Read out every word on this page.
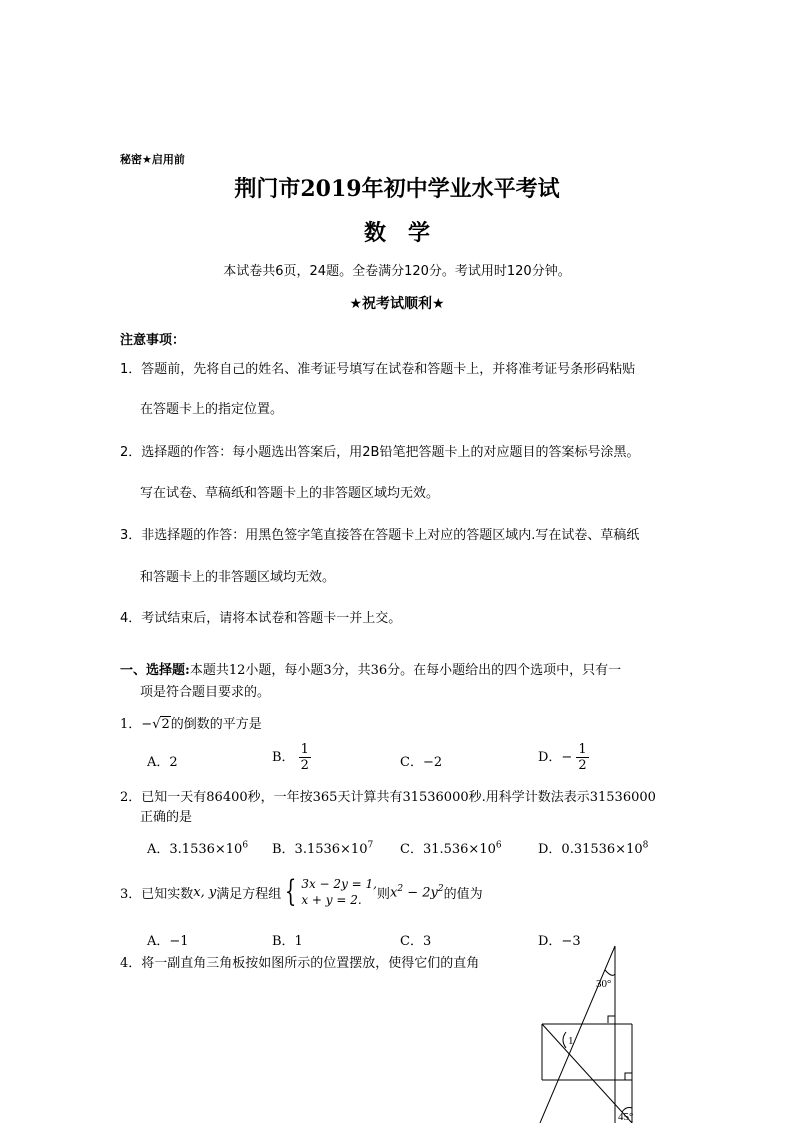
秘密★启用前
荆门市2019年初中学业水平考试
数　学
本试卷共6页，24题。全卷满分120分。考试用时120分钟。
★祝考试顺利★
注意事项：
1．答题前，先将自己的姓名、准考证号填写在试卷和答题卡上，并将准考证号条形码粘贴
在答题卡上的指定位置。
2．选择题的作答：每小题选出答案后，用2B铅笔把答题卡上的对应题目的答案标号涂黑。
写在试卷、草稿纸和答题卡上的非答题区域均无效。
3．非选择题的作答：用黑色签字笔直接答在答题卡上对应的答题区域内.写在试卷、草稿纸
和答题卡上的非答题区域均无效。
4．考试结束后，请将本试卷和答题卡一并上交。
一、选择题:本题共12小题，每小题3分，共36分。在每小题给出的四个选项中，只有一
项是符合题目要求的。
1．−√2的倒数的平方是
A．2	B． $\frac{1}{2}$	C．−2	D．− $\frac{1}{2}$
2．已知一天有86400秒，一年按365天计算共有31536000秒.用科学计数法表示31536000
正确的是
A．$3.1536\times 10^6$ B．$3.1536\times 10^7$ C．$31.536\times 10^6$	D．$0.31536\times 10^8$
3．已知实数 x, y 满足方程组 { 3x − 2y = 1,
x + y = 2.	则 $x^2 - 2y^2$ 的值为
A．−1	B．1	C．3	D．−3
4．将一副直角三角板按如图所示的位置摆放，使得它们的直角
30°
1
45°
